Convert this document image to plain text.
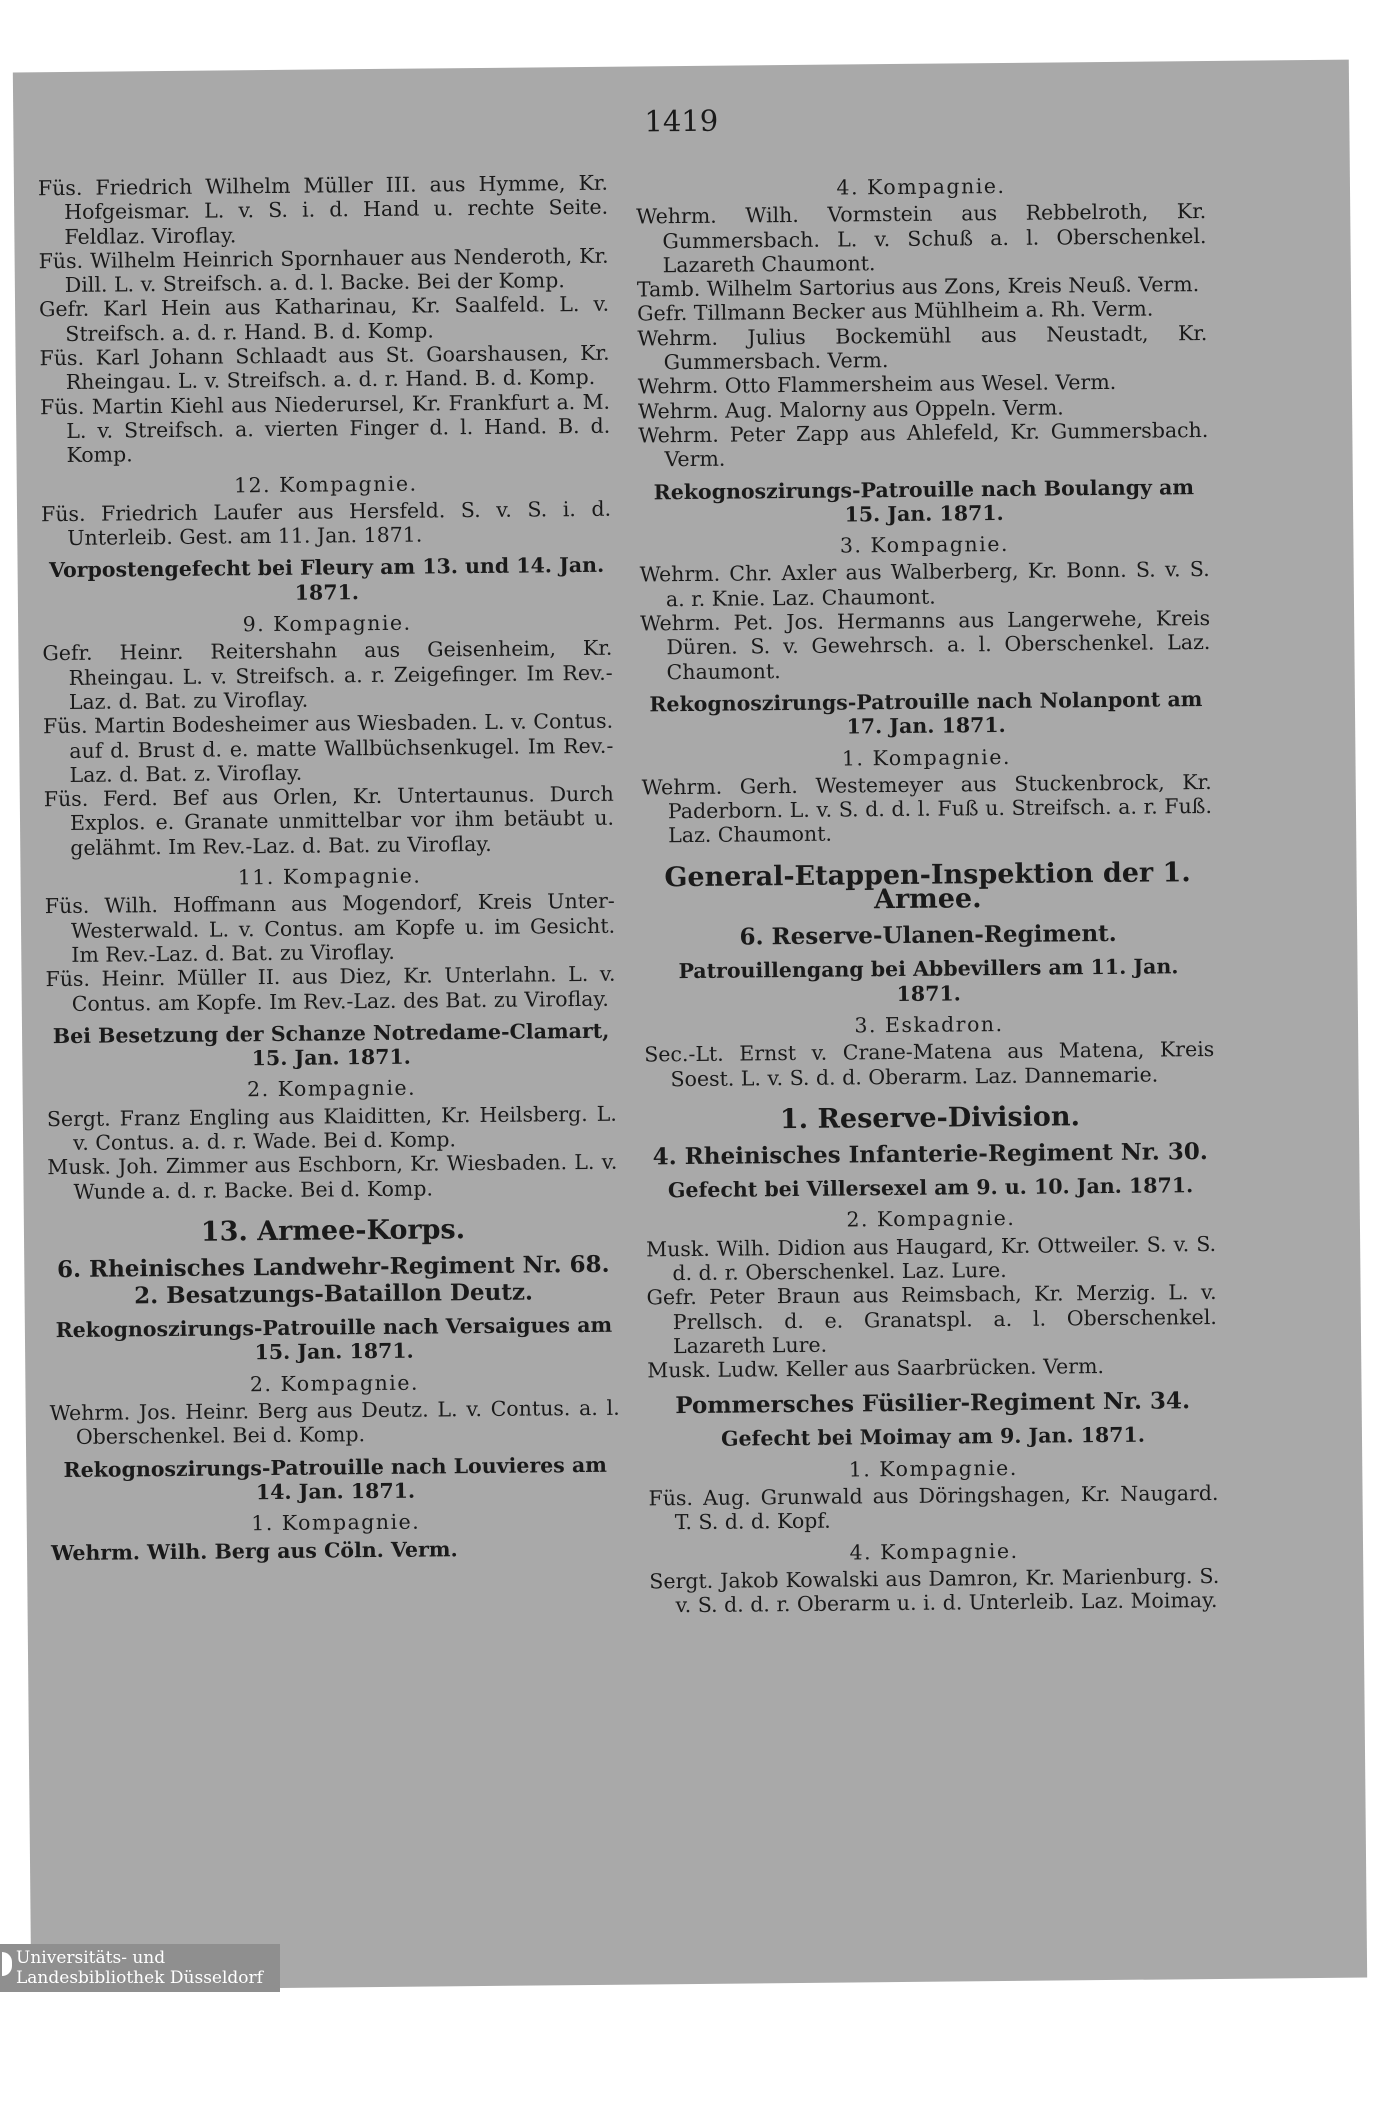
1419

Füs. Friedrich Wilhelm Müller III. aus Hymme, Kr. Hofgeismar. L. v. S. i. d. Hand u. rechte Seite. Feldlaz. Viroflay.

Füs. Wilhelm Heinrich Spornhauer aus Nenderoth, Kr. Dill. L. v. Streifsch. a. d. l. Backe. Bei der Komp.

Gefr. Karl Hein aus Katharinau, Kr. Saalfeld. L. v. Streifsch. a. d. r. Hand. B. d. Komp.

Füs. Karl Johann Schlaadt aus St. Goarshausen, Kr. Rheingau. L. v. Streifsch. a. d. r. Hand. B. d. Komp.

Füs. Martin Kiehl aus Niederursel, Kr. Frankfurt a. M. L. v. Streifsch. a. vierten Finger d. l. Hand. B. d. Komp.

12. Kompagnie.

Füs. Friedrich Laufer aus Hersfeld. S. v. S. i. d. Unterleib. Gest. am 11. Jan. 1871.

Vorpostengefecht bei Fleury am 13. und 14. Jan. 1871.

9. Kompagnie.

Gefr. Heinr. Reitershahn aus Geisenheim, Kr. Rheingau. L. v. Streifsch. a. r. Zeigefinger. Im Rev.-Laz. d. Bat. zu Viroflay.

Füs. Martin Bodesheimer aus Wiesbaden. L. v. Contus. auf d. Brust d. e. matte Wallbüchsenkugel. Im Rev.-Laz. d. Bat. z. Viroflay.

Füs. Ferd. Bef aus Orlen, Kr. Untertaunus. Durch Explos. e. Granate unmittelbar vor ihm betäubt u. gelähmt. Im Rev.-Laz. d. Bat. zu Viroflay.

11. Kompagnie.

Füs. Wilh. Hoffmann aus Mogendorf, Kreis Unter-Westerwald. L. v. Contus. am Kopfe u. im Gesicht. Im Rev.-Laz. d. Bat. zu Viroflay.

Füs. Heinr. Müller II. aus Diez, Kr. Unterlahn. L. v. Contus. am Kopfe. Im Rev.-Laz. des Bat. zu Viroflay.

Bei Besetzung der Schanze Notredame-Clamart, 15. Jan. 1871.

2. Kompagnie.

Sergt. Franz Engling aus Klaiditten, Kr. Heilsberg. L. v. Contus. a. d. r. Wade. Bei d. Komp.

Musk. Joh. Zimmer aus Eschborn, Kr. Wiesbaden. L. v. Wunde a. d. r. Backe. Bei d. Komp.

13. Armee-Korps.

6. Rheinisches Landwehr-Regiment Nr. 68. 2. Besatzungs-Bataillon Deutz.

Rekognoszirungs-Patrouille nach Versaigues am 15. Jan. 1871.

2. Kompagnie.

Wehrm. Jos. Heinr. Berg aus Deutz. L. v. Contus. a. l. Oberschenkel. Bei d. Komp.

Rekognoszirungs-Patrouille nach Louvieres am 14. Jan. 1871.

1. Kompagnie.

Wehrm. Wilh. Berg aus Cöln. Verm.

4. Kompagnie.

Wehrm. Wilh. Vormstein aus Rebbelroth, Kr. Gummersbach. L. v. Schuß a. l. Oberschenkel. Lazareth Chaumont.

Tamb. Wilhelm Sartorius aus Zons, Kreis Neuß. Verm.

Gefr. Tillmann Becker aus Mühlheim a. Rh. Verm.

Wehrm. Julius Bockemühl aus Neustadt, Kr. Gummersbach. Verm.

Wehrm. Otto Flammersheim aus Wesel. Verm.

Wehrm. Aug. Malorny aus Oppeln. Verm.

Wehrm. Peter Zapp aus Ahlefeld, Kr. Gummersbach. Verm.

Rekognoszirungs-Patrouille nach Boulangy am 15. Jan. 1871.

3. Kompagnie.

Wehrm. Chr. Axler aus Walberberg, Kr. Bonn. S. v. S. a. r. Knie. Laz. Chaumont.

Wehrm. Pet. Jos. Hermanns aus Langerwehe, Kreis Düren. S. v. Gewehrsch. a. l. Oberschenkel. Laz. Chaumont.

Rekognoszirungs-Patrouille nach Nolanpont am 17. Jan. 1871.

1. Kompagnie.

Wehrm. Gerh. Westemeyer aus Stuckenbrock, Kr. Paderborn. L. v. S. d. d. l. Fuß u. Streifsch. a. r. Fuß. Laz. Chaumont.

General-Etappen-Inspektion der 1. Armee.

6. Reserve-Ulanen-Regiment.

Patrouillengang bei Abbevillers am 11. Jan. 1871.

3. Eskadron.

Sec.-Lt. Ernst v. Crane-Matena aus Matena, Kreis Soest. L. v. S. d. d. Oberarm. Laz. Dannemarie.

1. Reserve-Division.

4. Rheinisches Infanterie-Regiment Nr. 30.

Gefecht bei Villersexel am 9. u. 10. Jan. 1871.

2. Kompagnie.

Musk. Wilh. Didion aus Haugard, Kr. Ottweiler. S. v. S. d. d. r. Oberschenkel. Laz. Lure.

Gefr. Peter Braun aus Reimsbach, Kr. Merzig. L. v. Prellsch. d. e. Granatspl. a. l. Oberschenkel. Lazareth Lure.

Musk. Ludw. Keller aus Saarbrücken. Verm.

Pommersches Füsilier-Regiment Nr. 34.

Gefecht bei Moimay am 9. Jan. 1871.

1. Kompagnie.

Füs. Aug. Grunwald aus Döringshagen, Kr. Naugard. T. S. d. d. Kopf.

4. Kompagnie.

Sergt. Jakob Kowalski aus Damron, Kr. Marienburg. S. v. S. d. d. r. Oberarm u. i. d. Unterleib. Laz. Moimay.

Universitäts- und
Landesbibliothek Düsseldorf
